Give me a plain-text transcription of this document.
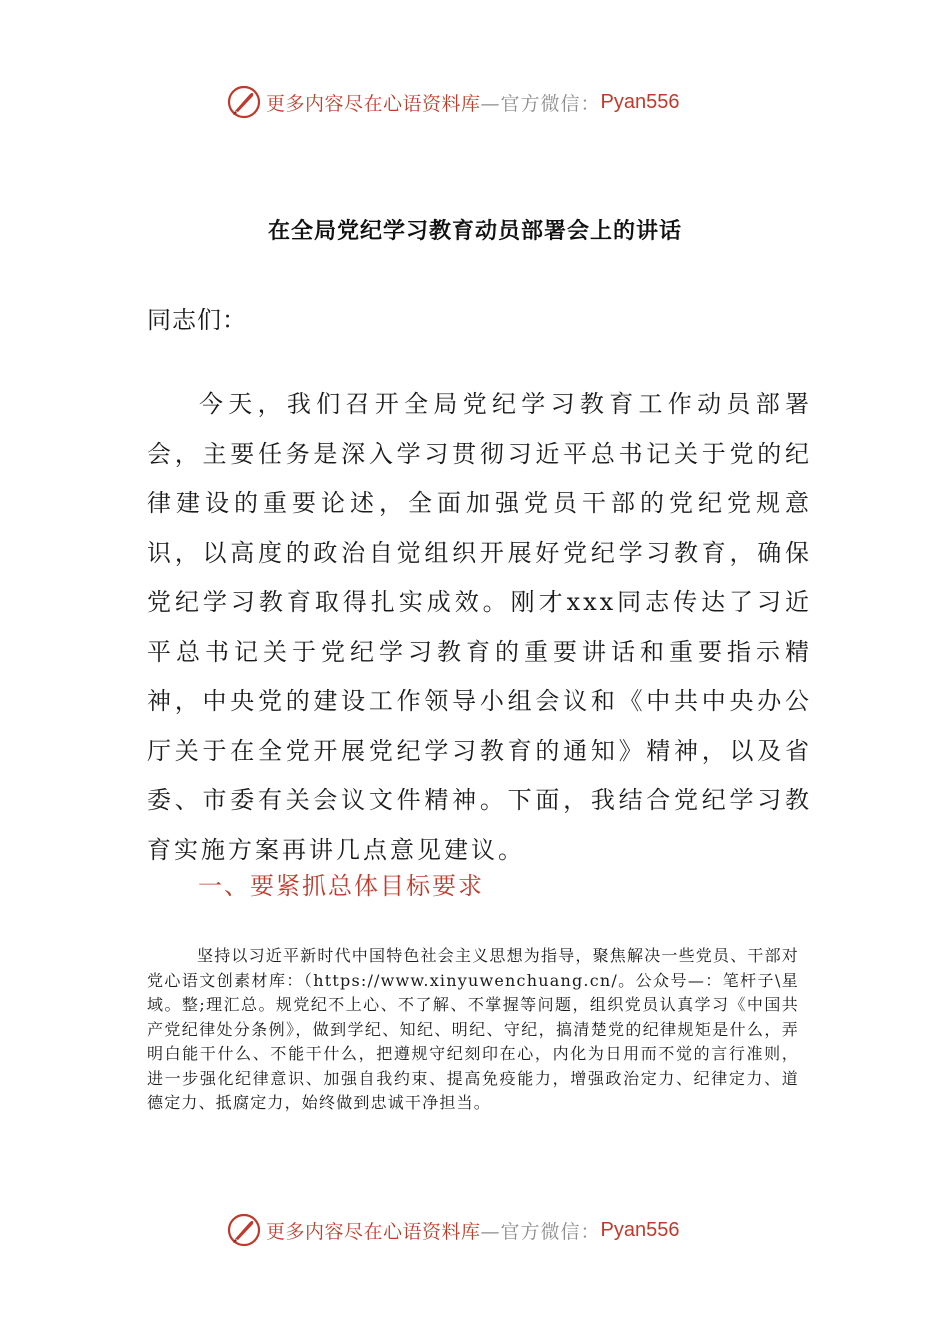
更多内容尽在心语资料库 —官方微信： Pyan556
在全局党纪学习教育动员部署会上的讲话
同志们：

今天，我们召开全局党纪学习教育工作动员部署会，主要任务是深入学习贯彻习近平总书记关于党的纪律建设的重要论述，全面加强党员干部的党纪党规意识，以高度的政治自觉组织开展好党纪学习教育，确保党纪学习教育取得扎实成效。刚才xxx同志传达了习近平总书记关于党纪学习教育的重要讲话和重要指示精神，中央党的建设工作领导小组会议和《中共中央办公厅关于在全党开展党纪学习教育的通知》精神，以及省委、市委有关会议文件精神。下面，我结合党纪学习教育实施方案再讲几点意见建议。

一、要紧抓总体目标要求

坚持以习近平新时代中国特色社会主义思想为指导，聚焦解决一些党员、干部对党心语文创素材库：（https://www.xinyuwenchuang.cn/。公众号—：笔杆子\星域。整;理汇总。规党纪不上心、不了解、不掌握等问题，组织党员认真学习《中国共产党纪律处分条例》，做到学纪、知纪、明纪、守纪，搞清楚党的纪律规矩是什么，弄明白能干什么、不能干什么，把遵规守纪刻印在心，内化为日用而不觉的言行准则，进一步强化纪律意识、加强自我约束、提高免疫能力，增强政治定力、纪律定力、道德定力、抵腐定力，始终做到忠诚干净担当。

更多内容尽在心语资料库 —官方微信： Pyan556
